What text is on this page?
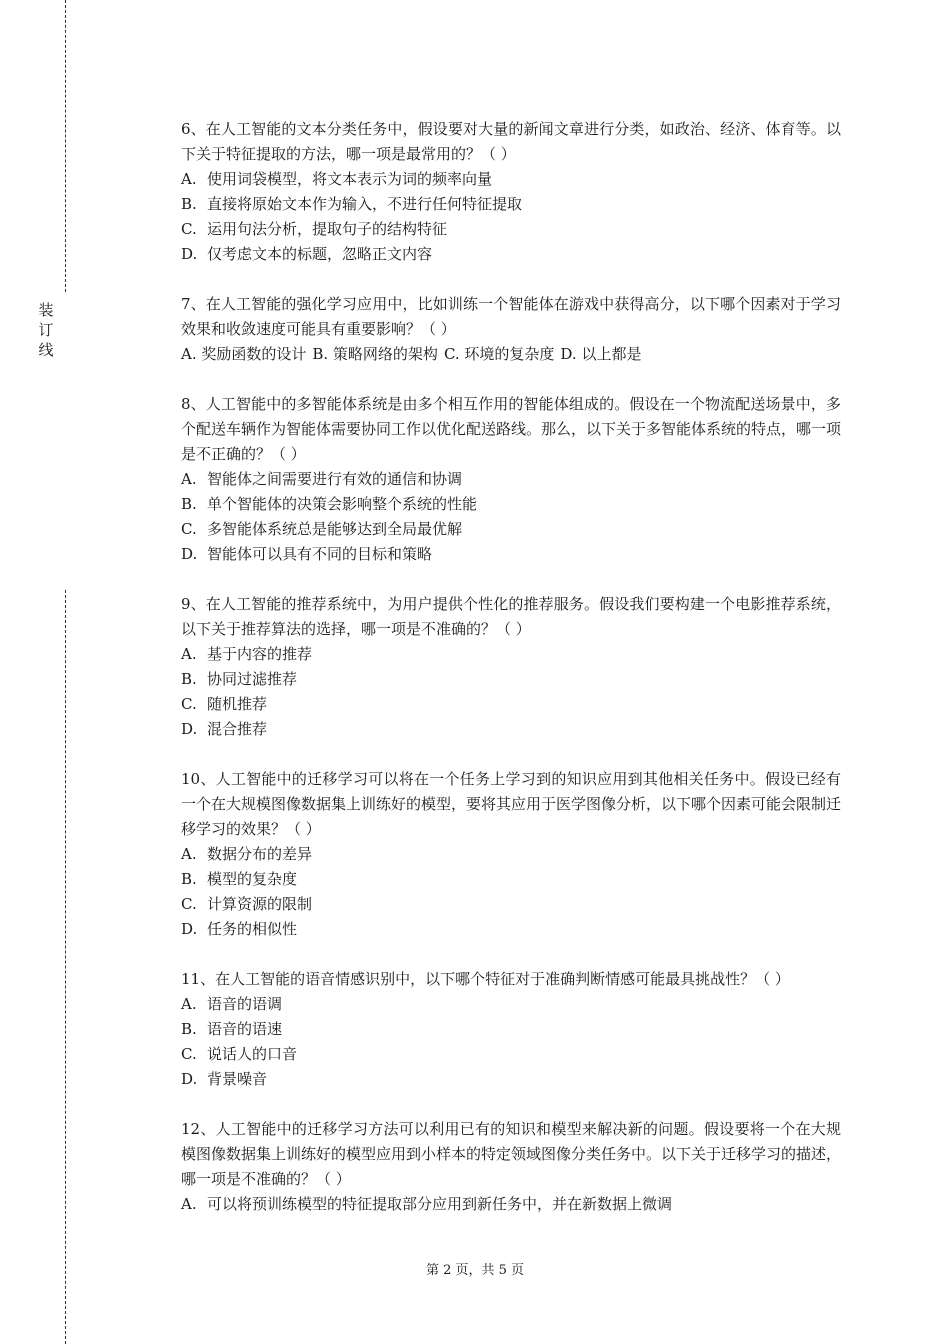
装
订
线

6、在人工智能的文本分类任务中，假设要对大量的新闻文章进行分类，如政治、经济、体育等。以下关于特征提取的方法，哪一项是最常用的？（ ）

A. 使用词袋模型，将文本表示为词的频率向量

B. 直接将原始文本作为输入，不进行任何特征提取

C. 运用句法分析，提取句子的结构特征

D. 仅考虑文本的标题，忽略正文内容

7、在人工智能的强化学习应用中，比如训练一个智能体在游戏中获得高分，以下哪个因素对于学习效果和收敛速度可能具有重要影响？（ ）

A. 奖励函数的设计 B. 策略网络的架构 C. 环境的复杂度 D. 以上都是

8、人工智能中的多智能体系统是由多个相互作用的智能体组成的。假设在一个物流配送场景中，多个配送车辆作为智能体需要协同工作以优化配送路线。那么，以下关于多智能体系统的特点，哪一项是不正确的？（ ）

A. 智能体之间需要进行有效的通信和协调

B. 单个智能体的决策会影响整个系统的性能

C. 多智能体系统总是能够达到全局最优解

D. 智能体可以具有不同的目标和策略

9、在人工智能的推荐系统中，为用户提供个性化的推荐服务。假设我们要构建一个电影推荐系统，以下关于推荐算法的选择，哪一项是不准确的？（ ）

A. 基于内容的推荐

B. 协同过滤推荐

C. 随机推荐

D. 混合推荐

10、人工智能中的迁移学习可以将在一个任务上学习到的知识应用到其他相关任务中。假设已经有一个在大规模图像数据集上训练好的模型，要将其应用于医学图像分析，以下哪个因素可能会限制迁移学习的效果？（ ）

A. 数据分布的差异

B. 模型的复杂度

C. 计算资源的限制

D. 任务的相似性

11、在人工智能的语音情感识别中，以下哪个特征对于准确判断情感可能最具挑战性？（ ）

A. 语音的语调

B. 语音的语速

C. 说话人的口音

D. 背景噪音

12、人工智能中的迁移学习方法可以利用已有的知识和模型来解决新的问题。假设要将一个在大规模图像数据集上训练好的模型应用到小样本的特定领域图像分类任务中。以下关于迁移学习的描述，哪一项是不准确的？（ ）

A. 可以将预训练模型的特征提取部分应用到新任务中，并在新数据上微调

第 2 页，共 5 页
